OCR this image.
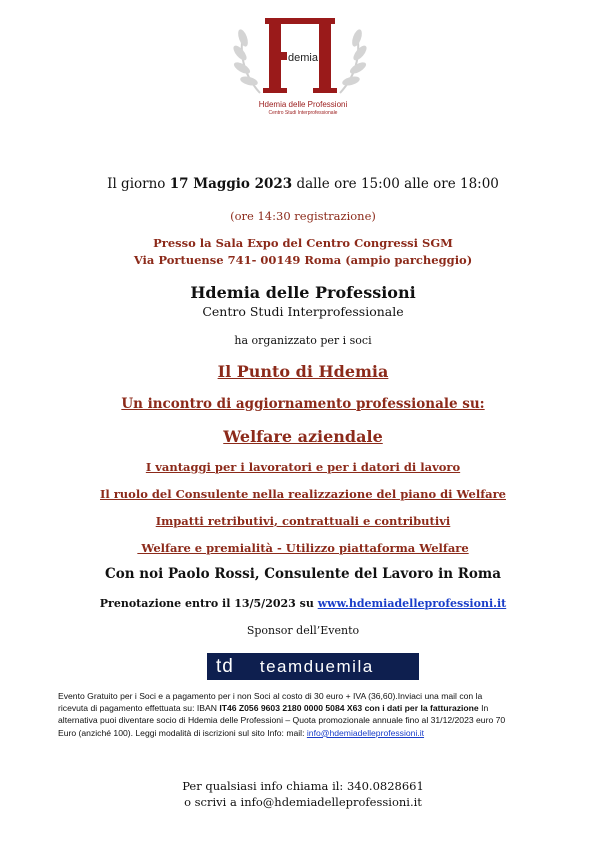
demia
Hdemia delle Professioni
Centro Studi Interprofessionale
Il giorno 17 Maggio 2023 dalle ore 15:00 alle ore 18:00
(ore 14:30 registrazione)
Presso la Sala Expo del Centro Congressi SGM
Via Portuense 741- 00149 Roma (ampio parcheggio)
Hdemia delle Professioni
Centro Studi Interprofessionale
ha organizzato per i soci
Il Punto di Hdemia
Un incontro di aggiornamento professionale su:
Welfare aziendale
I vantaggi per i lavoratori e per i datori di lavoro
Il ruolo del Consulente nella realizzazione del piano di Welfare
Impatti retributivi, contrattuali e contributivi
Welfare e premialità - Utilizzo piattaforma Welfare
Con noi Paolo Rossi, Consulente del Lavoro in Roma
Prenotazione entro il 13/5/2023 su www.hdemiadelleprofessioni.it
Sponsor dell’Evento
td teamduemila
Evento Gratuito per i Soci e a pagamento per i non Soci al costo di 30 euro + IVA (36,60).Inviaci una mail con la
ricevuta di pagamento effettuata su: IBAN IT46 Z056 9603 2180 0000 5084 X63 con i dati per la fatturazione In
alternativa puoi diventare socio di Hdemia delle Professioni – Quota promozionale annuale fino al 31/12/2023 euro 70
Euro (anziché 100). Leggi modalità di iscrizioni sul sito Info: mail: info@hdemiadelleprofessioni.it
Per qualsiasi info chiama il: 340.0828661
o scrivi a info@hdemiadelleprofessioni.it
